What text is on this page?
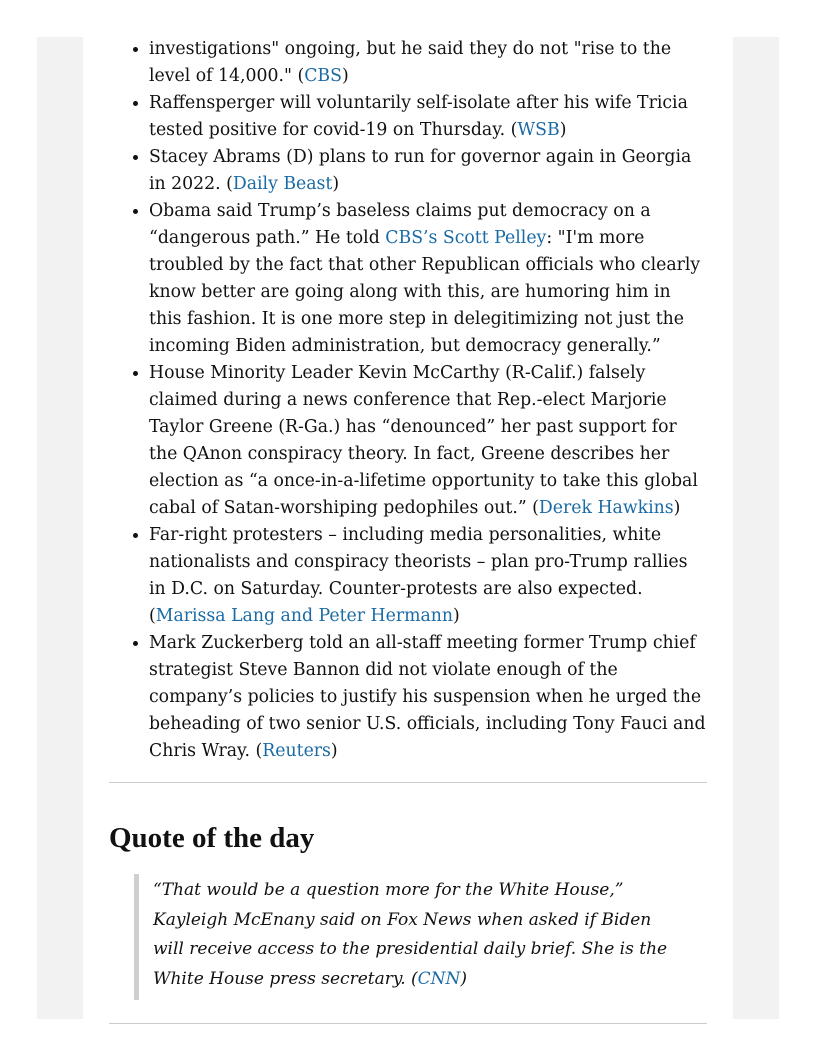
• investigations" ongoing, but he said they do not "rise to the level of 14,000." (CBS)
• Raffensperger will voluntarily self-isolate after his wife Tricia tested positive for covid-19 on Thursday. (WSB)
• Stacey Abrams (D) plans to run for governor again in Georgia in 2022. (Daily Beast)
• Obama said Trump’s baseless claims put democracy on a “dangerous path.” He told CBS’s Scott Pelley: "I'm more troubled by the fact that other Republican officials who clearly know better are going along with this, are humoring him in this fashion. It is one more step in delegitimizing not just the incoming Biden administration, but democracy generally.”
• House Minority Leader Kevin McCarthy (R-Calif.) falsely claimed during a news conference that Rep.-elect Marjorie Taylor Greene (R-Ga.) has “denounced” her past support for the QAnon conspiracy theory. In fact, Greene describes her election as “a once-in-a-lifetime opportunity to take this global cabal of Satan-worshiping pedophiles out.” (Derek Hawkins)
• Far-right protesters – including media personalities, white nationalists and conspiracy theorists – plan pro-Trump rallies in D.C. on Saturday. Counter-protests are also expected. (Marissa Lang and Peter Hermann)
• Mark Zuckerberg told an all-staff meeting former Trump chief strategist Steve Bannon did not violate enough of the company’s policies to justify his suspension when he urged the beheading of two senior U.S. officials, including Tony Fauci and Chris Wray. (Reuters)
Quote of the day
“That would be a question more for the White House,” Kayleigh McEnany said on Fox News when asked if Biden will receive access to the presidential daily brief. She is the White House press secretary. (CNN)
